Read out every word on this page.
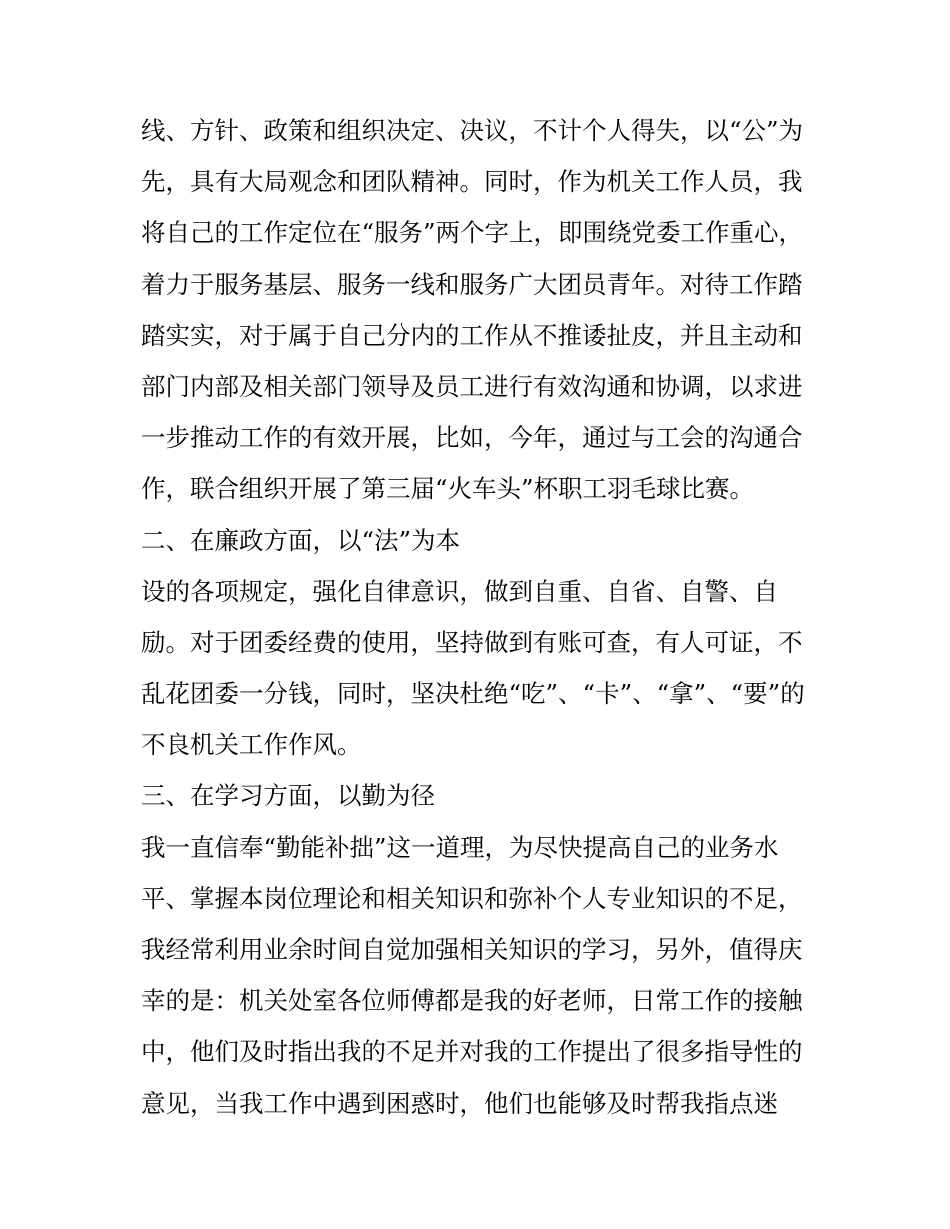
线、方针、政策和组织决定、决议，不计个人得失，以“公”为
先，具有大局观念和团队精神。同时，作为机关工作人员，我
将自己的工作定位在“服务”两个字上，即围绕党委工作重心，
着力于服务基层、服务一线和服务广大团员青年。对待工作踏
踏实实，对于属于自己分内的工作从不推诿扯皮，并且主动和
部门内部及相关部门领导及员工进行有效沟通和协调，以求进
一步推动工作的有效开展，比如，今年，通过与工会的沟通合
作，联合组织开展了第三届“火车头”杯职工羽毛球比赛。
二、在廉政方面，以“法”为本
设的各项规定，强化自律意识，做到自重、自省、自警、自
励。对于团委经费的使用，坚持做到有账可查，有人可证，不
乱花团委一分钱，同时，坚决杜绝“吃”、“卡”、“拿”、“要”的
不良机关工作作风。
三、在学习方面，以勤为径
我一直信奉“勤能补拙”这一道理，为尽快提高自己的业务水
平、掌握本岗位理论和相关知识和弥补个人专业知识的不足，
我经常利用业余时间自觉加强相关知识的学习，另外，值得庆
幸的是：机关处室各位师傅都是我的好老师，日常工作的接触
中，他们及时指出我的不足并对我的工作提出了很多指导性的
意见，当我工作中遇到困惑时，他们也能够及时帮我指点迷
